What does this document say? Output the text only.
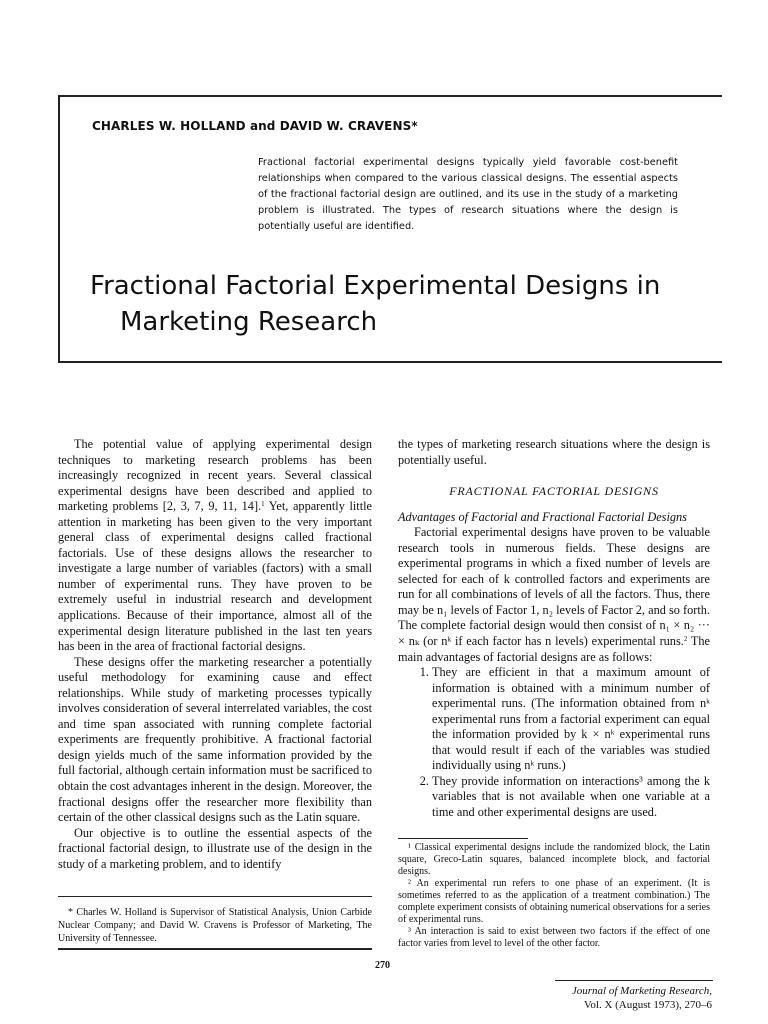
CHARLES W. HOLLAND and DAVID W. CRAVENS*
Fractional factorial experimental designs typically yield favorable cost-benefit relationships when compared to the various classical designs. The essential aspects of the fractional factorial design are outlined, and its use in the study of a marketing problem is illustrated. The types of research situations where the design is potentially useful are identified.
Fractional Factorial Experimental Designs in
Marketing Research

The potential value of applying experimental design techniques to marketing research problems has been increasingly recognized in recent years. Several classical experimental designs have been described and applied to marketing problems [2, 3, 7, 9, 11, 14].$^1$ Yet, apparently little attention in marketing has been given to the very important general class of experimental designs called fractional factorials. Use of these designs allows the researcher to investigate a large number of variables (factors) with a small number of experimental runs. They have proven to be extremely useful in industrial research and development applications. Because of their importance, almost all of the experimental design literature published in the last ten years has been in the area of fractional factorial designs.

These designs offer the marketing researcher a potentially useful methodology for examining cause and effect relationships. While study of marketing processes typically involves consideration of several interrelated variables, the cost and time span associated with running complete factorial experiments are frequently prohibitive. A fractional factorial design yields much of the same information provided by the full factorial, although certain information must be sacrificed to obtain the cost advantages inherent in the design. Moreover, the fractional designs offer the researcher more flexibility than certain of the other classical designs such as the Latin square.

Our objective is to outline the essential aspects of the fractional factorial design, to illustrate use of the design in the study of a marketing problem, and to identify

* Charles W. Holland is Supervisor of Statistical Analysis, Union Carbide Nuclear Company; and David W. Cravens is Professor of Marketing, The University of Tennessee.

the types of marketing research situations where the design is potentially useful.

FRACTIONAL FACTORIAL DESIGNS

Advantages of Factorial and Fractional Factorial Designs

Factorial experimental designs have proven to be valuable research tools in numerous fields. These designs are experimental programs in which a fixed number of levels are selected for each of k controlled factors and experiments are run for all combinations of levels of all the factors. Thus, there may be n₁ levels of Factor 1, n₂ levels of Factor 2, and so forth. The complete factorial design would then consist of n₁ × n₂ ··· × nₖ (or nᵏ if each factor has n levels) experimental runs.$^2$ The main advantages of factorial designs are as follows:

1. They are efficient in that a maximum amount of information is obtained with a minimum number of experimental runs. (The information obtained from nᵏ experimental runs from a factorial experiment can equal the information provided by k × nᵏ experimental runs that would result if each of the variables was studied individually using nᵏ runs.)
2. They provide information on interactions³ among the k variables that is not available when one variable at a time and other experimental designs are used.

¹ Classical experimental designs include the randomized block, the Latin square, Greco-Latin squares, balanced incomplete block, and factorial designs.

² An experimental run refers to one phase of an experiment. (It is sometimes referred to as the application of a treatment combination.) The complete experiment consists of obtaining numerical observations for a series of experimental runs.

³ An interaction is said to exist between two factors if the effect of one factor varies from level to level of the other factor.

270
Journal of Marketing Research,
Vol. X (August 1973), 270–6
